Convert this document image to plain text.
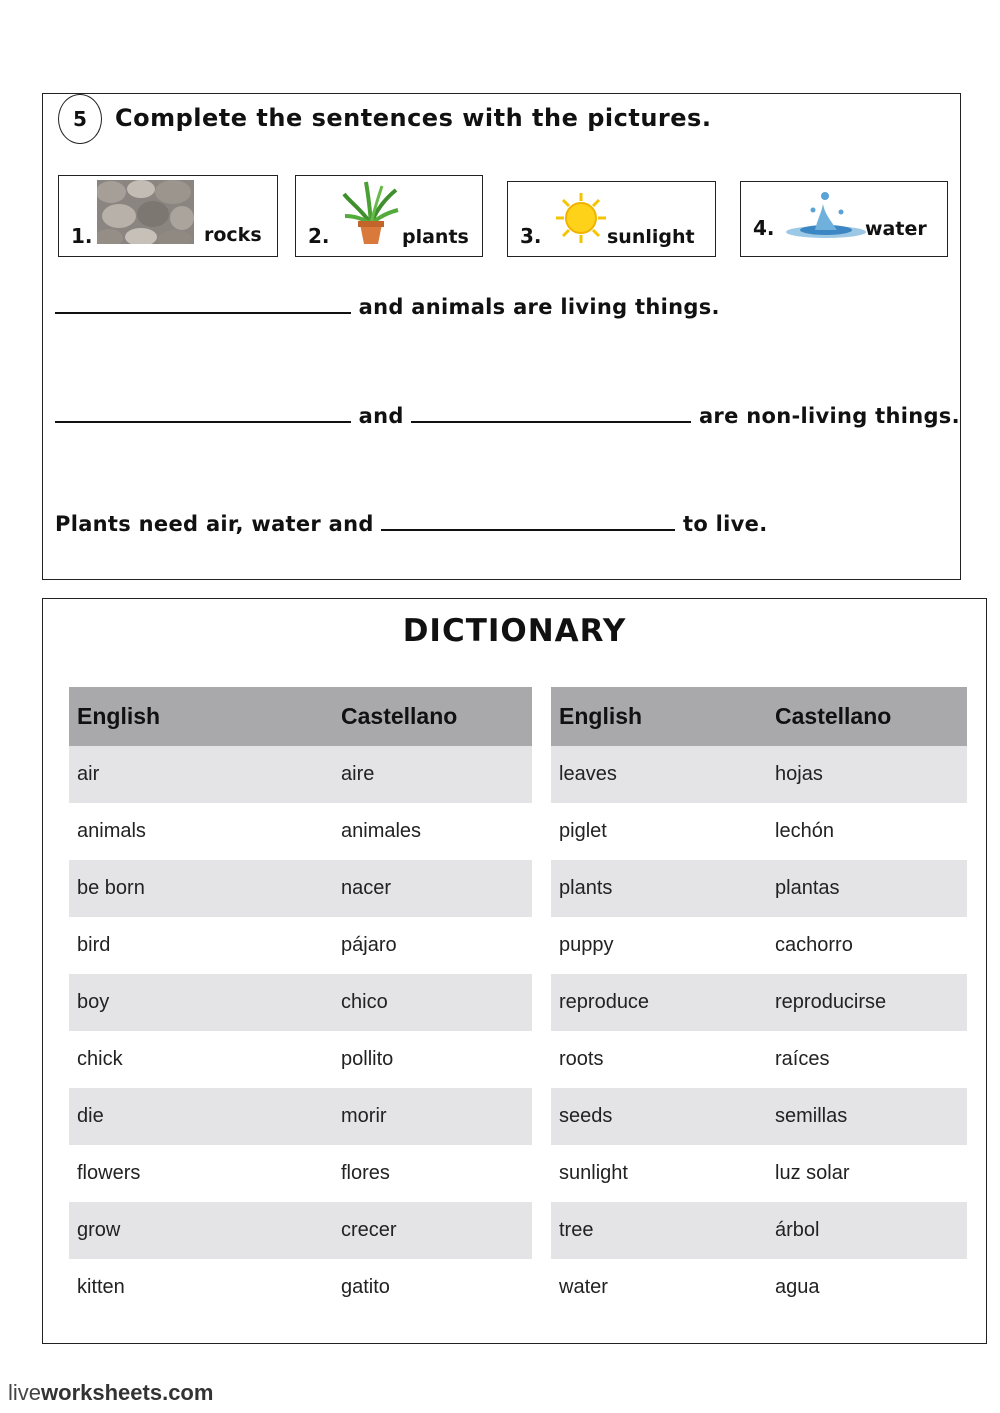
5	Complete the sentences with the pictures.
1.	rocks 2.	plants	3.	sunlight	4.	water
and animals are living things.
and	are non-living things.
Plants need air, water and	to live.
DICTIONARY
English	Castellano
air	aire
animals	animales
be born	nacer
bird	pájaro
boy	chico
chick	pollito
die	morir
flowers	flores
grow	crecer
kitten	gatito
English	Castellano
leaves	hojas
piglet	lechón
plants	plantas
puppy	cachorro
reproduce	reproducirse
roots	raíces
seeds	semillas
sunlight	luz solar
tree	árbol
water	agua
liveworksheets.com
